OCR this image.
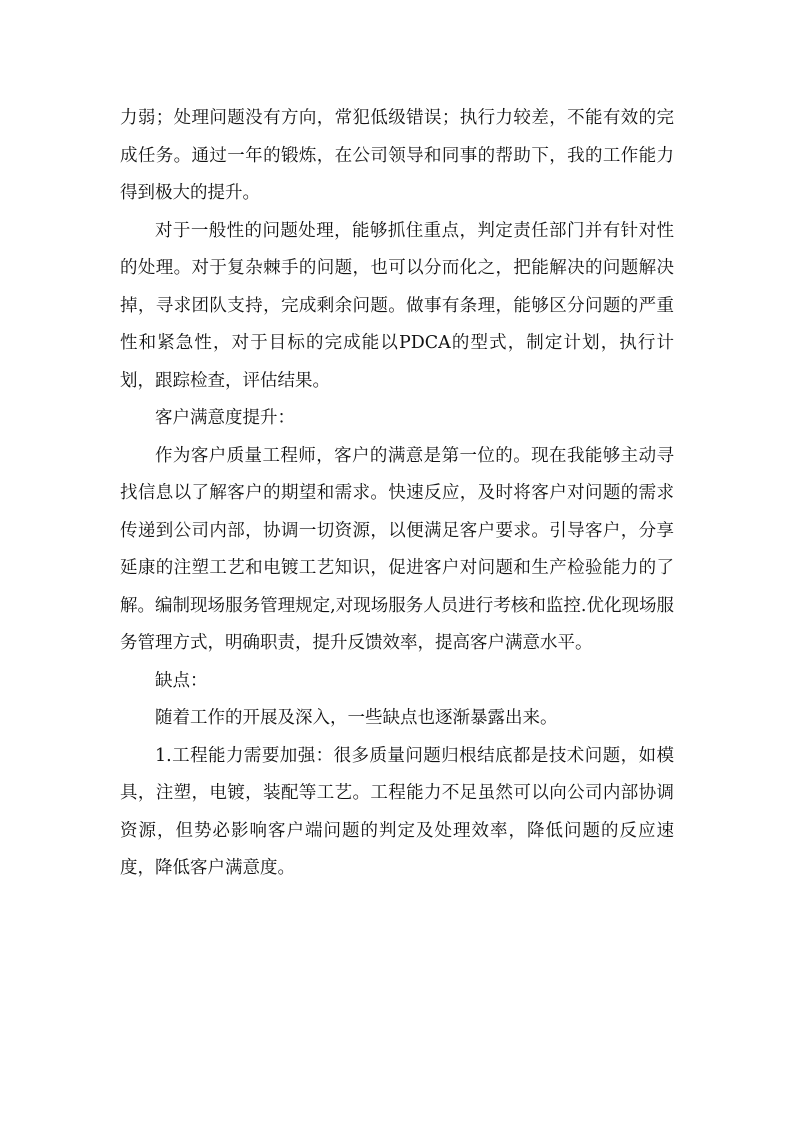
力弱；处理问题没有方向，常犯低级错误；执行力较差，不能有效的完成任务。通过一年的锻炼，在公司领导和同事的帮助下，我的工作能力得到极大的提升。

对于一般性的问题处理，能够抓住重点，判定责任部门并有针对性的处理。对于复杂棘手的问题，也可以分而化之，把能解决的问题解决掉，寻求团队支持，完成剩余问题。做事有条理，能够区分问题的严重性和紧急性，对于目标的完成能以PDCA的型式，制定计划，执行计划，跟踪检查，评估结果。

客户满意度提升：

作为客户质量工程师，客户的满意是第一位的。现在我能够主动寻找信息以了解客户的期望和需求。快速反应，及时将客户对问题的需求传递到公司内部，协调一切资源，以便满足客户要求。引导客户，分享延康的注塑工艺和电镀工艺知识，促进客户对问题和生产检验能力的了解。编制现场服务管理规定,对现场服务人员进行考核和监控.优化现场服务管理方式，明确职责，提升反馈效率，提高客户满意水平。

缺点：

随着工作的开展及深入，一些缺点也逐渐暴露出来。

1.工程能力需要加强：很多质量问题归根结底都是技术问题，如模具，注塑，电镀，装配等工艺。工程能力不足虽然可以向公司内部协调资源，但势必影响客户端问题的判定及处理效率，降低问题的反应速度，降低客户满意度。
